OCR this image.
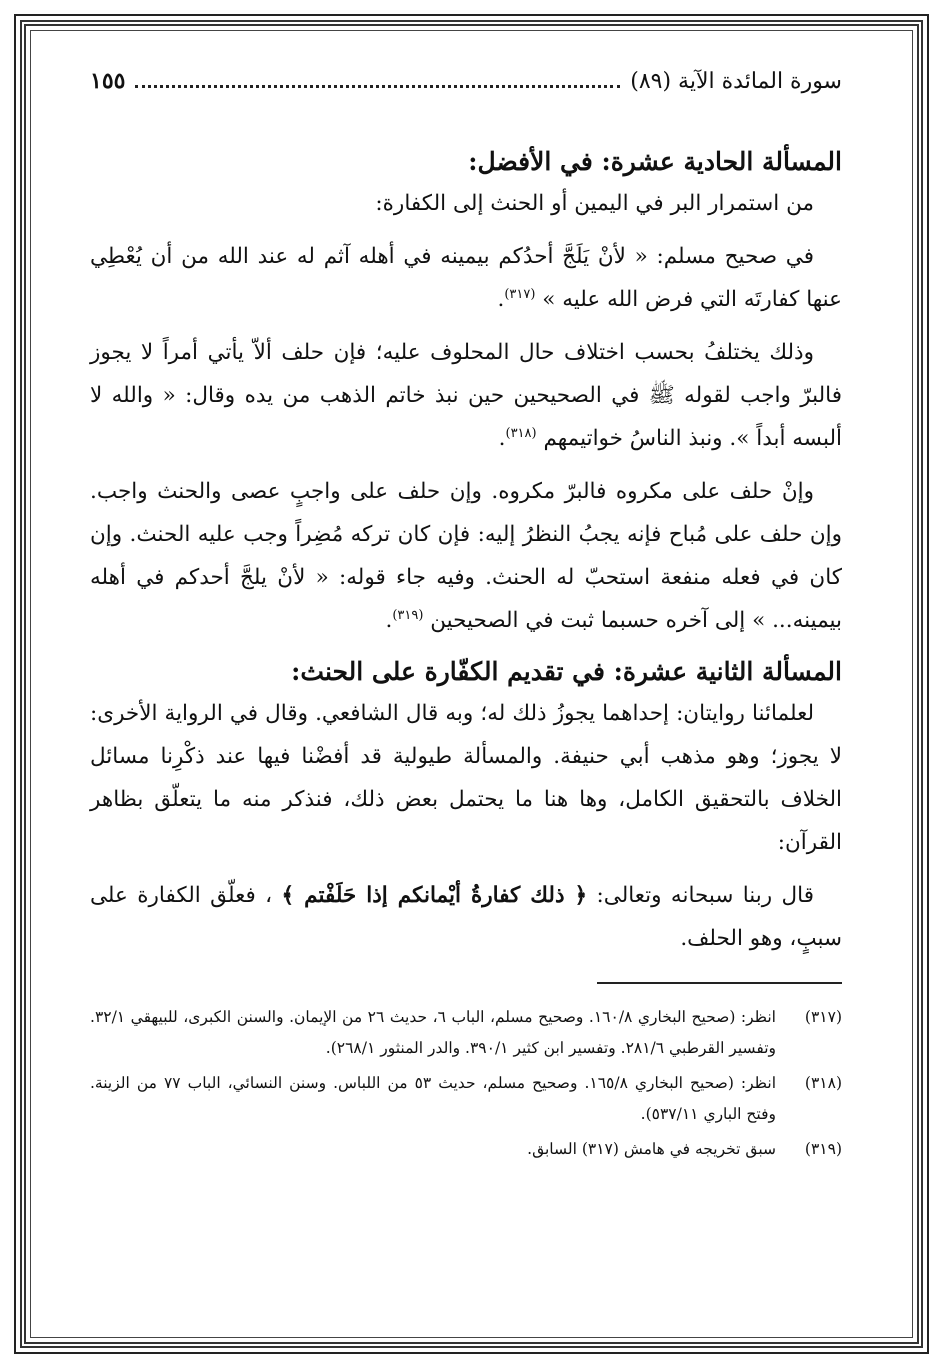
سورة المائدة الآية (٨٩)
١٥٥

المسألة الحادية عشرة: في الأفضل:

من استمرار البر في اليمين أو الحنث إلى الكفارة:

في صحيح مسلم: « لأنْ يَلَجَّ أحدُكم بيمينه في أهله آثم له عند الله من أن يُعْطِي عنها كفارتَه التي فرض الله عليه » $^{(٣١٧)}$.

وذلك يختلفُ بحسب اختلاف حال المحلوف عليه؛ فإن حلف ألاّ يأتي أمراً لا يجوز فالبرّ واجب لقوله ﷺ في الصحيحين حين نبذ خاتم الذهب من يده وقال: « والله لا ألبسه أبداً ». ونبذ الناسُ خواتيمهم $^{(٣١٨)}$.

وإنْ حلف على مكروه فالبرّ مكروه. وإن حلف على واجبٍ عصى والحنث واجب. وإن حلف على مُباح فإنه يجبُ النظرُ إليه: فإن كان تركه مُضِراً وجب عليه الحنث. وإن كان في فعله منفعة استحبّ له الحنث. وفيه جاء قوله: « لأنْ يلجَّ أحدكم في أهله بيمينه... » إلى آخره حسبما ثبت في الصحيحين $^{(٣١٩)}$.

المسألة الثانية عشرة: في تقديم الكفّارة على الحنث:

لعلمائنا روايتان: إحداهما يجوزُ ذلك له؛ وبه قال الشافعي. وقال في الرواية الأخرى: لا يجوز؛ وهو مذهب أبي حنيفة. والمسألة طيولية قد أفضْنا فيها عند ذكْرِنا مسائل الخلاف بالتحقيق الكامل، وها هنا ما يحتمل بعض ذلك، فنذكر منه ما يتعلّق بظاهر القرآن:

قال ربنا سبحانه وتعالى: ﴿ ذلك كفارةُ أيْمانكم إذا حَلَفْتم ﴾ ، فعلّق الكفارة على سببٍ، وهو الحلف.

(٣١٧)
انظر: (صحيح البخاري ١٦٠/٨. وصحيح مسلم، الباب ٦، حديث ٢٦ من الإيمان. والسنن الكبرى، للبيهقي ٣٢/١. وتفسير القرطبي ٢٨١/٦. وتفسير ابن كثير ٣٩٠/١. والدر المنثور ٢٦٨/١).
(٣١٨)
انظر: (صحيح البخاري ١٦٥/٨. وصحيح مسلم، حديث ٥٣ من اللباس. وسنن النسائي، الباب ٧٧ من الزينة. وفتح الباري ٥٣٧/١١).
(٣١٩)
سبق تخريجه في هامش (٣١٧) السابق.
